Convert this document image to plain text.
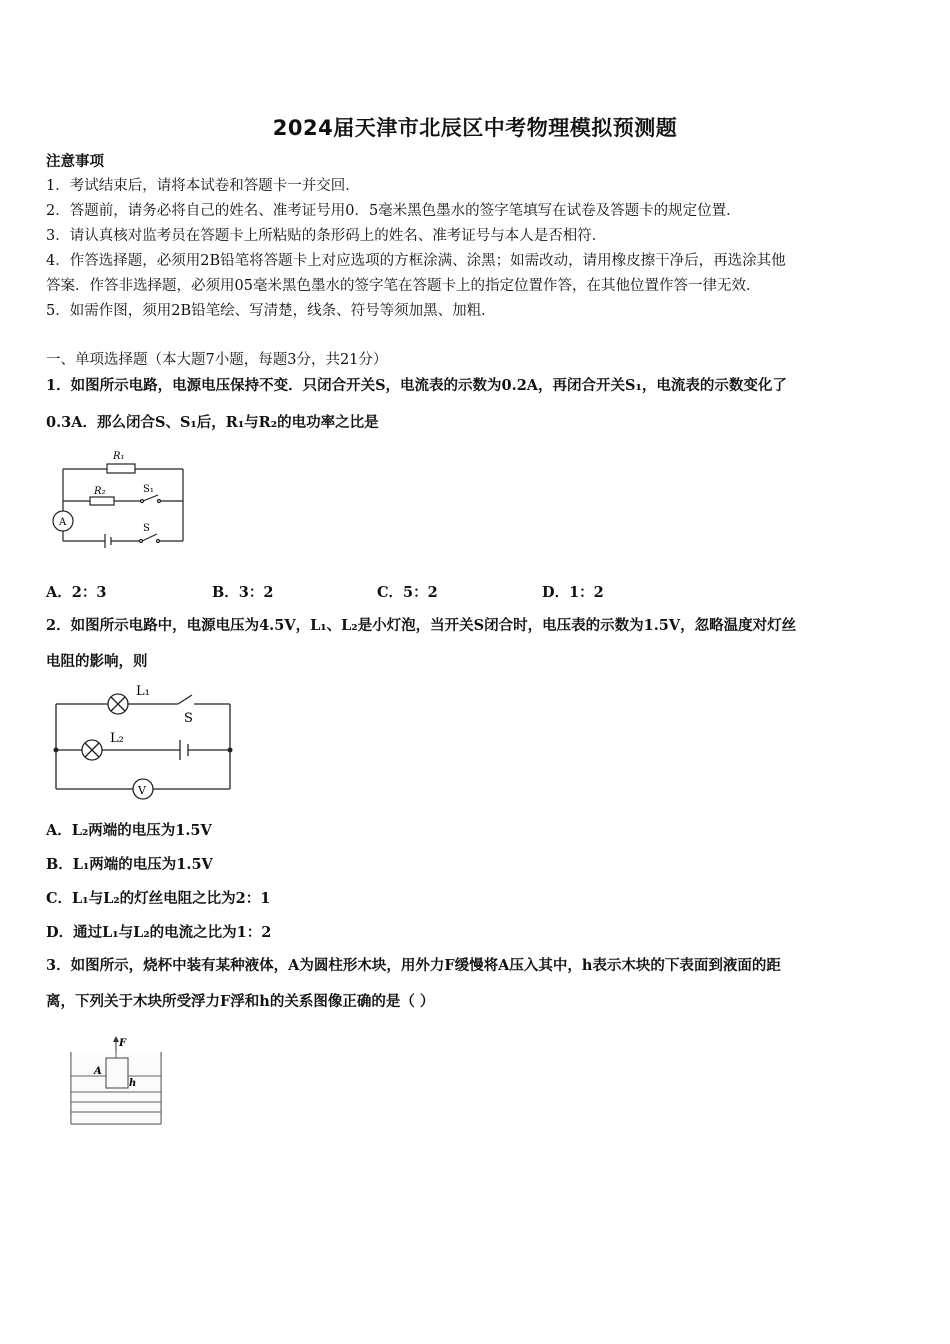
2024届天津市北辰区中考物理模拟预测题
注意事项
1．考试结束后，请将本试卷和答题卡一并交回．
2．答题前，请务必将自己的姓名、准考证号用0．5毫米黑色墨水的签字笔填写在试卷及答题卡的规定位置．
3．请认真核对监考员在答题卡上所粘贴的条形码上的姓名、准考证号与本人是否相符．
4．作答选择题，必须用2B铅笔将答题卡上对应选项的方框涂满、涂黑；如需改动，请用橡皮擦干净后，再选涂其他
答案．作答非选择题，必须用05毫米黑色墨水的签字笔在答题卡上的指定位置作答，在其他位置作答一律无效．
5．如需作图，须用2B铅笔绘、写清楚，线条、符号等须加黑、加粗．
一、单项选择题（本大题7小题，每题3分，共21分）
1．如图所示电路，电源电压保持不变．只闭合开关S，电流表的示数为0.2A，再闭合开关S₁，电流表的示数变化了
0.3A．那么闭合S、S₁后，R₁与R₂的电功率之比是
R₁
R₂	S₁
S
A
A．2：3	B．3：2	C．5：2	D．1：2
2．如图所示电路中，电源电压为4.5V，L₁、L₂是小灯泡，当开关S闭合时，电压表的示数为1.5V，忽略温度对灯丝
电阻的影响，则
L₁
S
L₂
V
A．L₂两端的电压为1.5V
B．L₁两端的电压为1.5V
C．L₁与L₂的灯丝电阻之比为2：1
D．通过L₁与L₂的电流之比为1：2
3．如图所示，烧杯中装有某种液体，A为圆柱形木块，用外力F缓慢将A压入其中，h表示木块的下表面到液面的距
离，下列关于木块所受浮力F浮和h的关系图像正确的是（ ）
F
A
h
